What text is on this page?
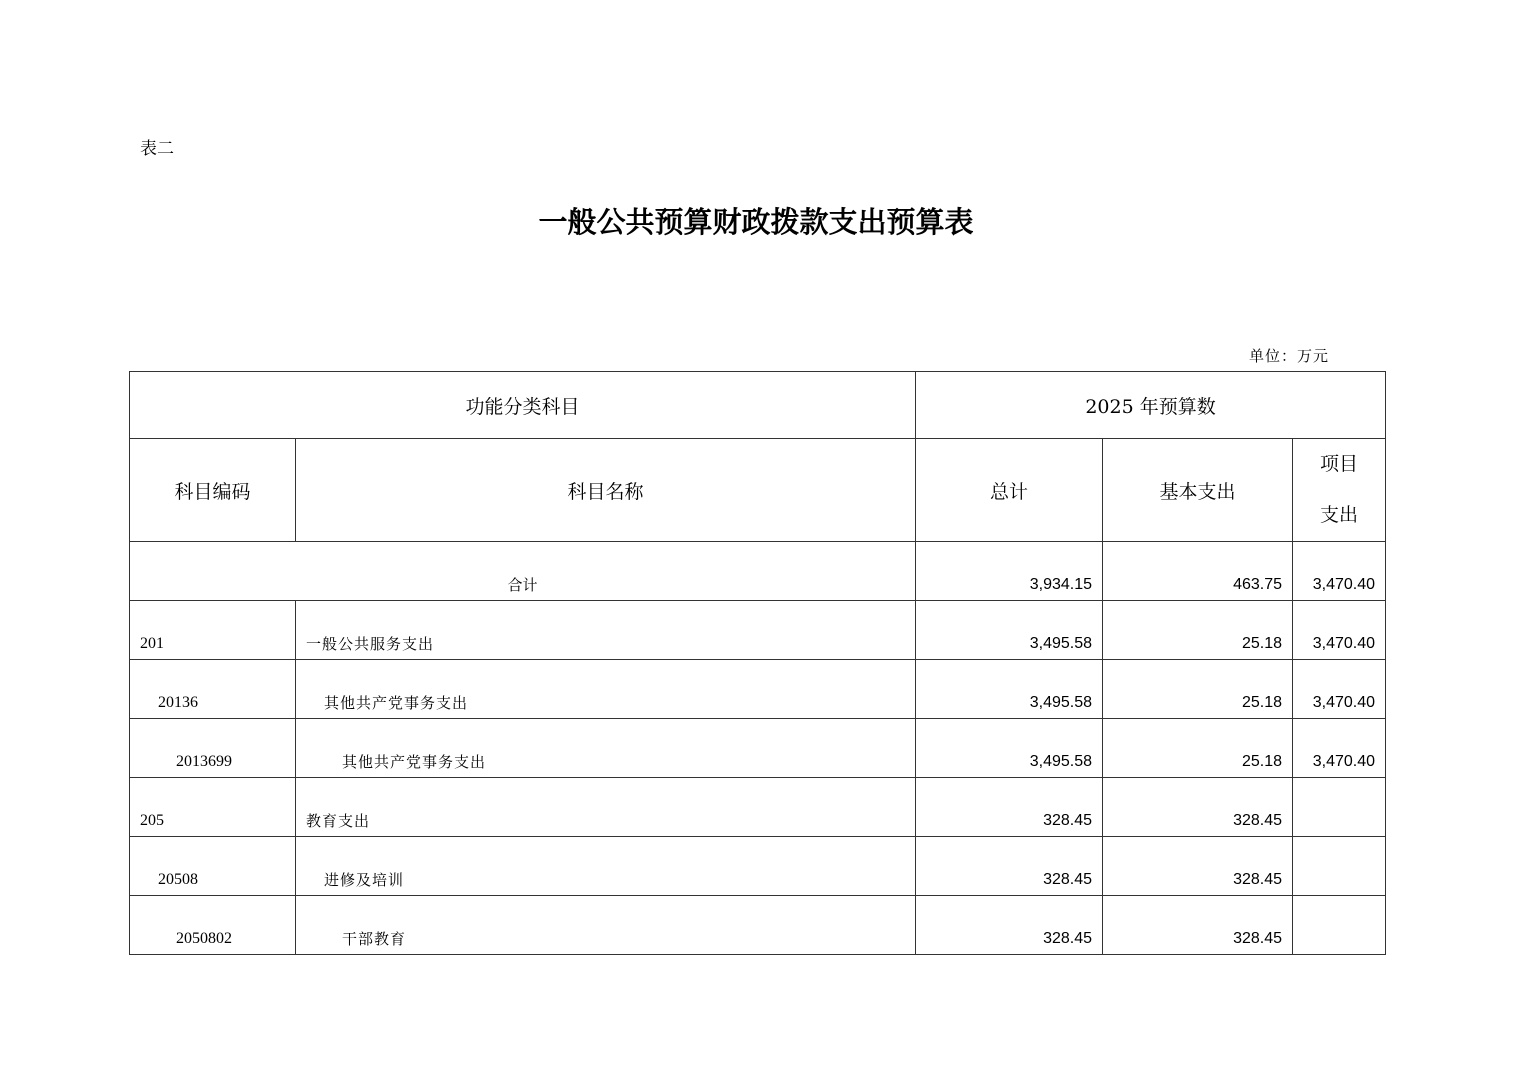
表二
一般公共预算财政拨款支出预算表
单位：万元
功能分类科目		2025 年预算数		
科目编码	科目名称	总计	基本支出	项目
支出

合计		3,934.15	463.75	3,470.40
201	一般公共服务支出	3,495.58	25.18	3,470.40
20136	其他共产党事务支出	3,495.58	25.18	3,470.40
2013699	其他共产党事务支出	3,495.58	25.18	3,470.40
205	教育支出	328.45	328.45	
20508	进修及培训	328.45	328.45	
2050802	干部教育	328.45	328.45	
